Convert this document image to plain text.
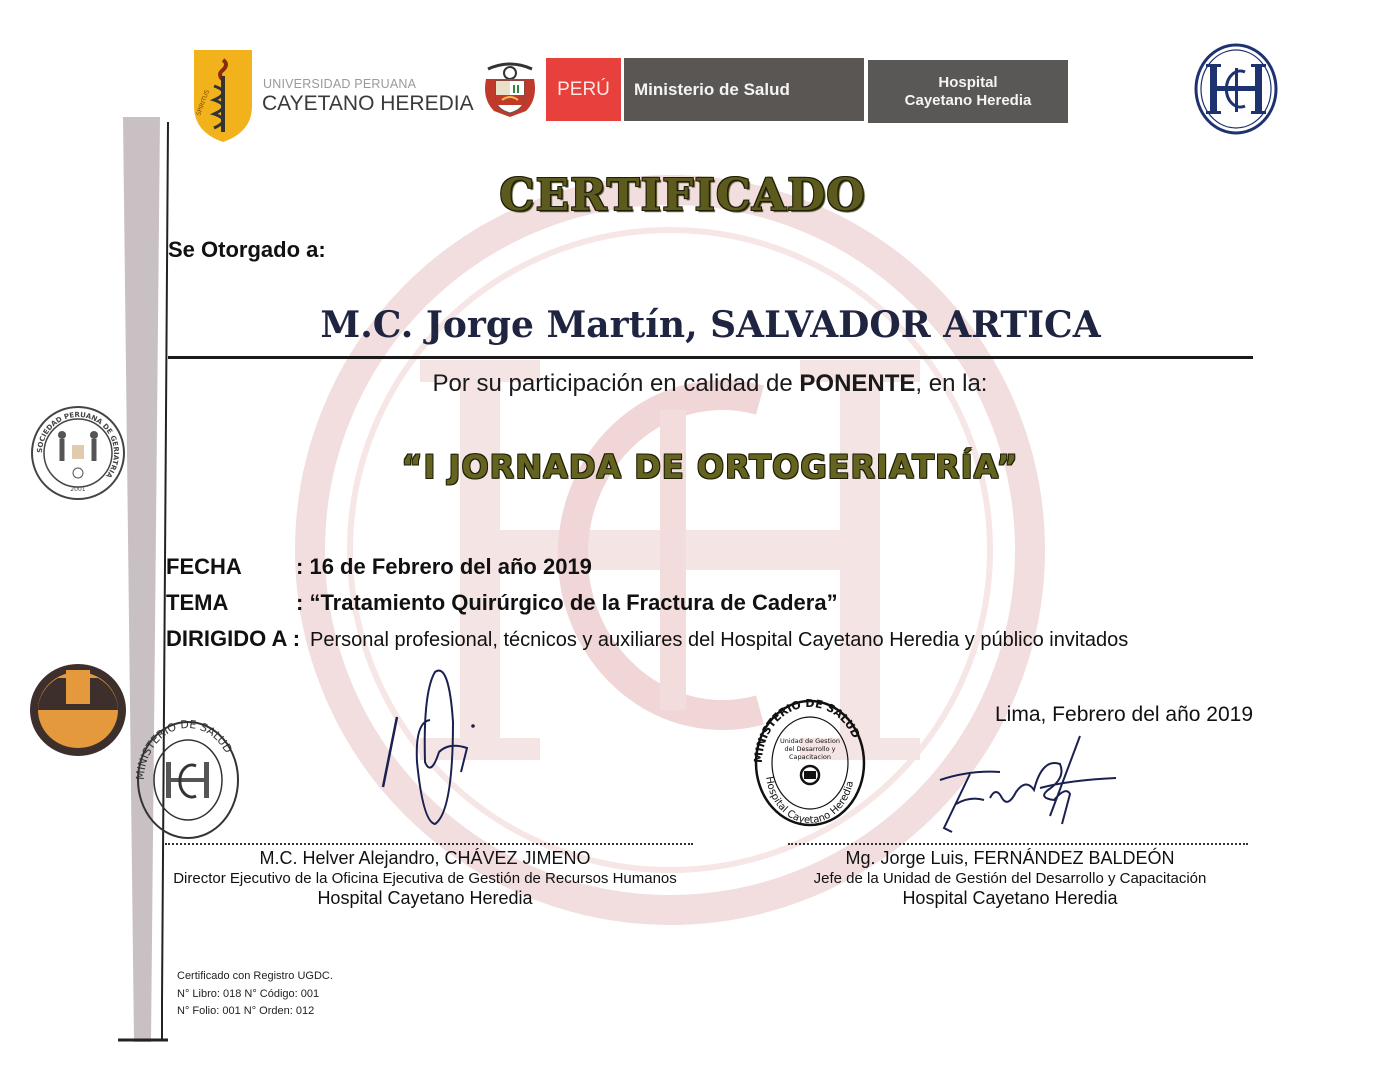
SPIRITUS
UNIVERSIDAD PERUANA
CAYETANO HEREDIA
PERÚ	Ministerio de Salud	Hospital
Cayetano Heredia
CERTIFICADO
Se Otorgado a:
M.C. Jorge Martín, SALVADOR ARTICA
Por su participación en calidad de PONENTE, en la:
“I JORNADA DE ORTOGERIATRÍA”
FECHA : 16 de Febrero del año 2019
TEMA	: “Tratamiento Quirúrgico de la Fractura de Cadera”
DIRIGIDO A : Personal profesional, técnicos y auxiliares del Hospital Cayetano Heredia y público invitados
SOCIEDAD PERUANA DE GERIATRIA
2001
MINISTERIO DE SALUD
MINISTERIO DE SALUD
Hospital Cayetano Heredia
Unidad de Gestion
del Desarrollo y
Capacitacion
Lima, Febrero del año 2019
M.C. Helver Alejandro, CHÁVEZ JIMENO
Director Ejecutivo de la Oficina Ejecutiva de Gestión de Recursos Humanos
Hospital Cayetano Heredia
Mg. Jorge Luis, FERNÁNDEZ BALDEÓN
Jefe de la Unidad de Gestión del Desarrollo y Capacitación
Hospital Cayetano Heredia
Certificado con Registro UGDC.
N° Libro: 018 N° Código: 001
N° Folio: 001 N° Orden: 012
